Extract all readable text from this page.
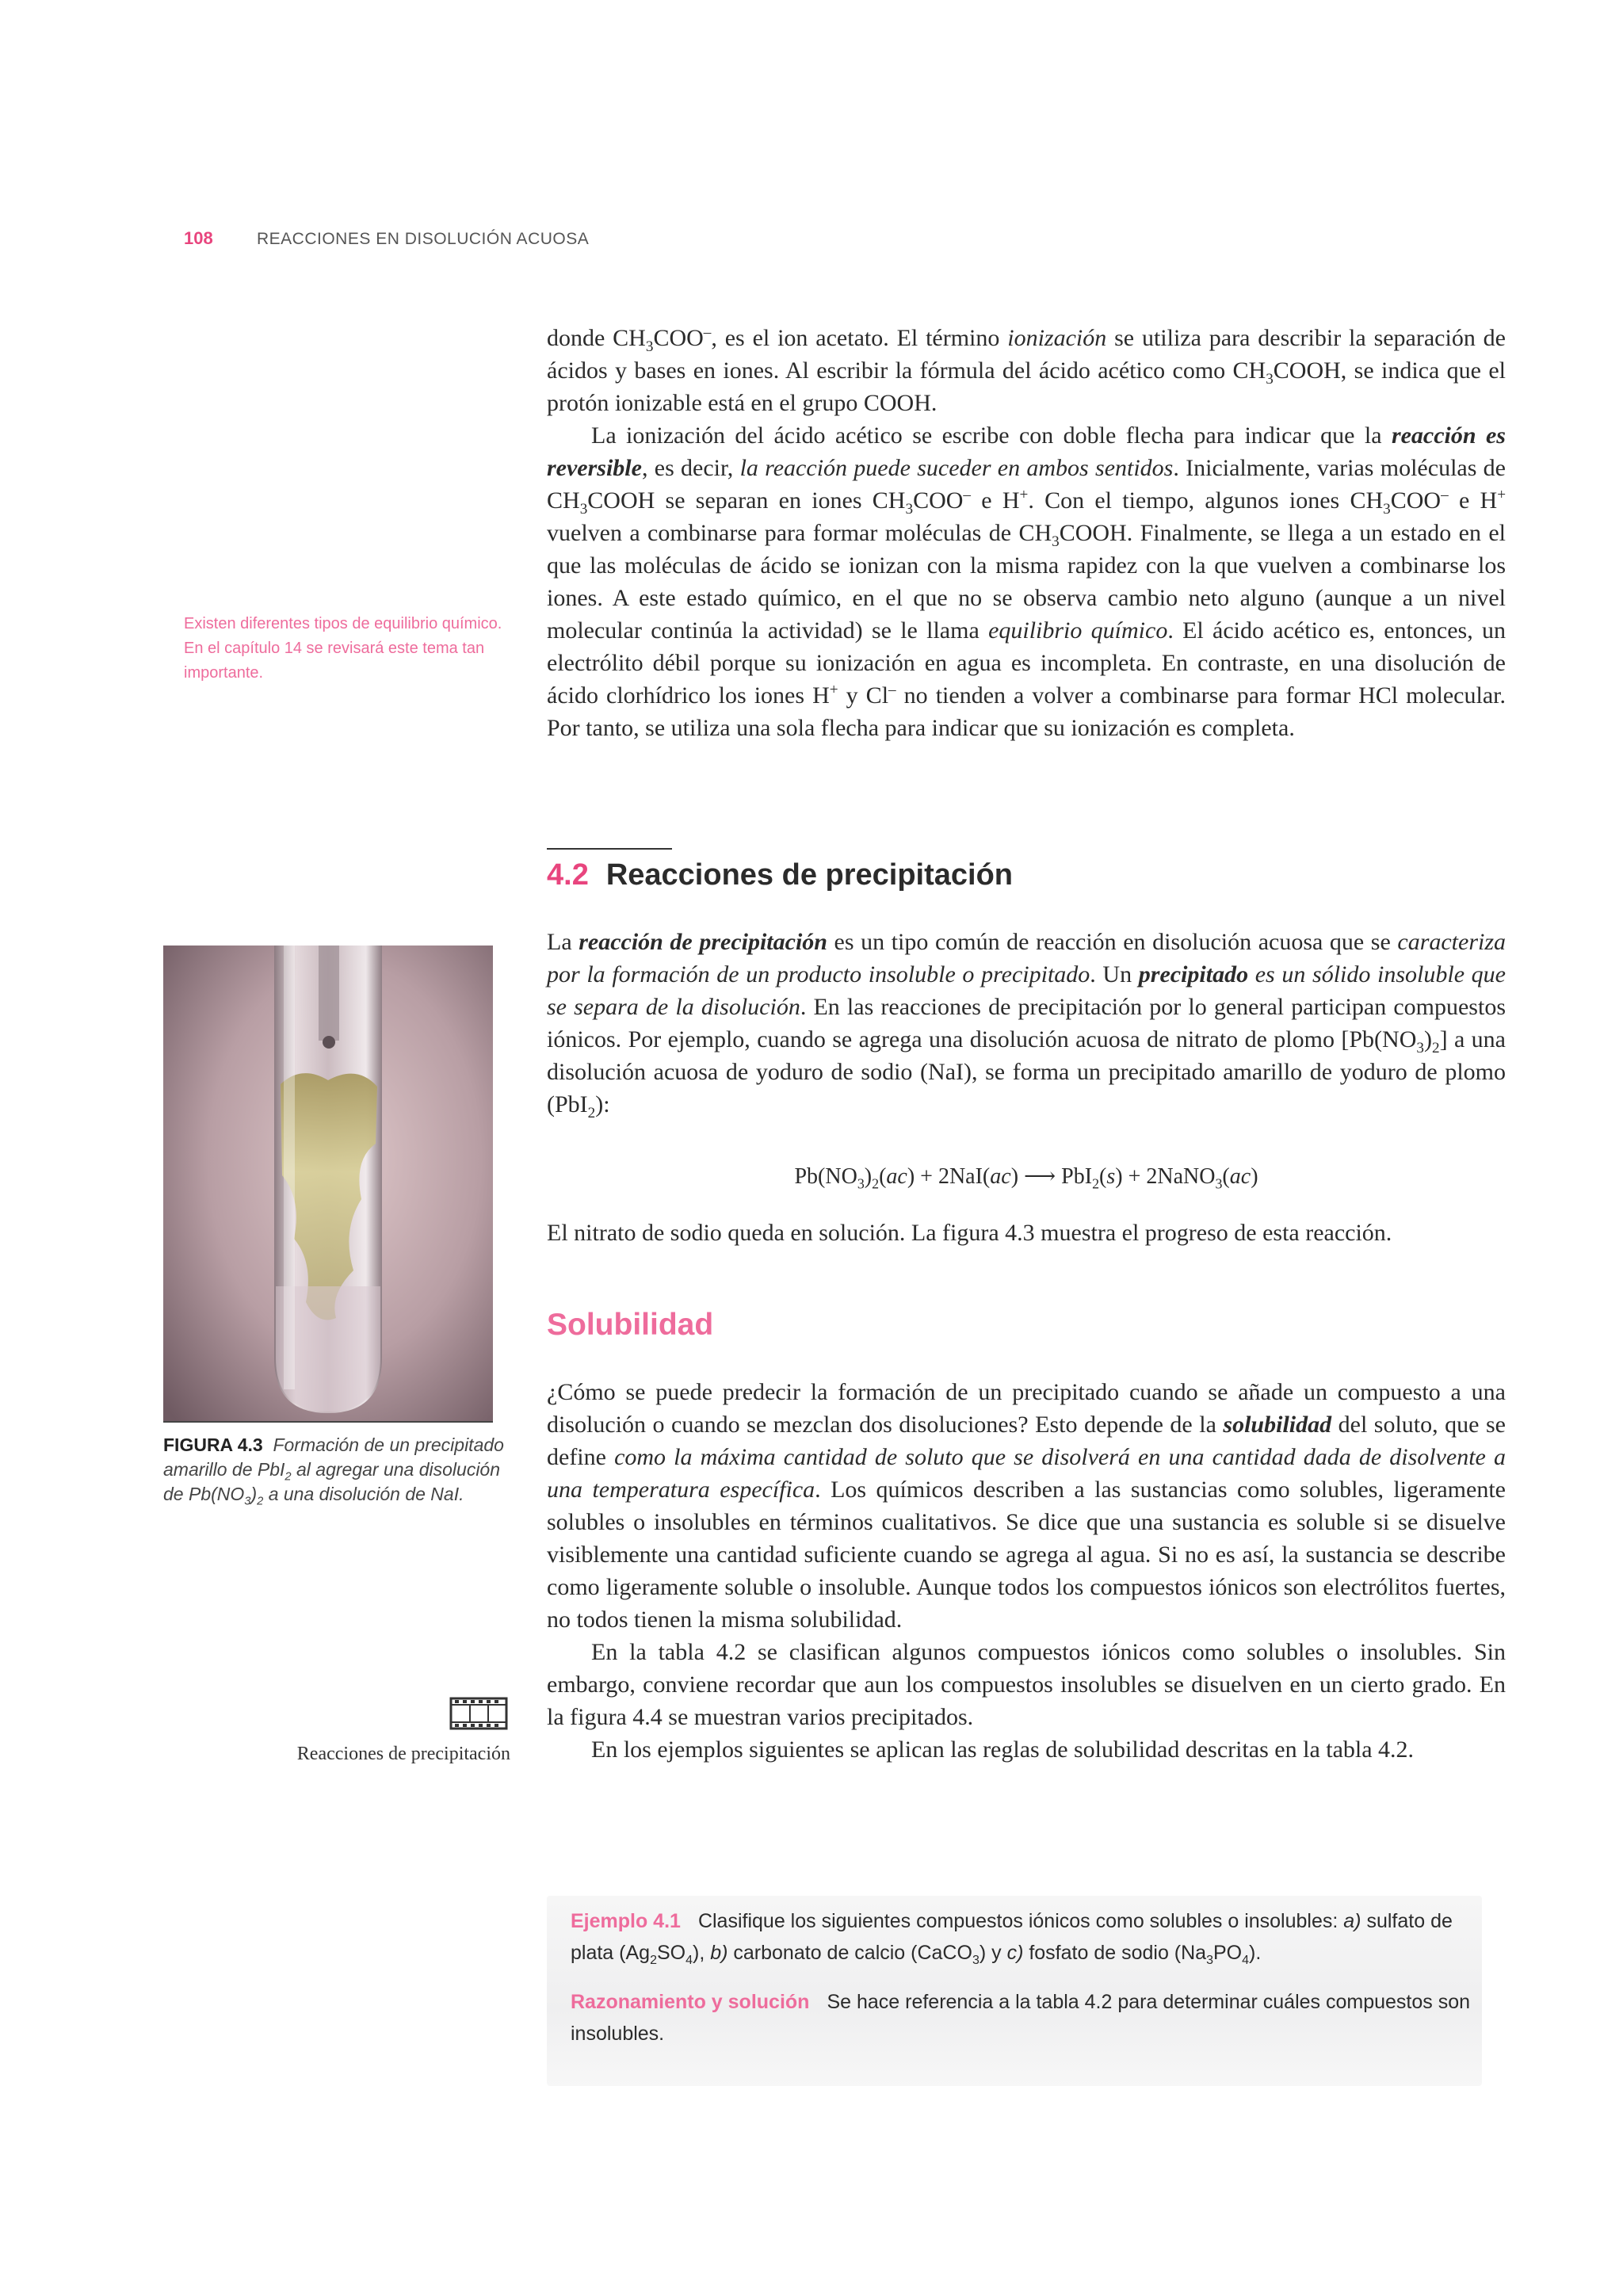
108	REACCIONES EN DISOLUCIÓN ACUOSA

donde $CH_3COO^-$, es el ion acetato. El término ionización se utiliza para describir la separación de ácidos y bases en iones. Al escribir la fórmula del ácido acético como $CH_3COOH$, se indica que el protón ionizable está en el grupo COOH.

La ionización del ácido acético se escribe con doble flecha para indicar que la reacción es reversible, es decir, la reacción puede suceder en ambos sentidos. Inicialmente, varias moléculas de $CH_3COOH$ se separan en iones $CH_3COO^-$ e H+. Con el tiempo, algunos iones $CH_3COO^-$ e H+ vuelven a combinarse para formar moléculas de $CH_3COOH$. Finalmente, se llega a un estado en el que las moléculas de ácido se ionizan con la misma rapidez con la que vuelven a combinarse los iones. A este estado químico, en el que no se observa cambio neto alguno (aunque a un nivel molecular continúa la actividad) se le llama equilibrio químico. El ácido acético es, entonces, un electrólito débil porque su ionización en agua es incompleta. En contraste, en una disolución de ácido clorhídrico los iones H+ y Cl– no tienden a volver a combinarse para formar HCl molecular. Por tanto, se utiliza una sola flecha para indicar que su ionización es completa.

Existen diferentes tipos de equilibrio químico. En el capítulo 14 se revisará este tema tan importante.
4.2 Reacciones de precipitación

La reacción de precipitación es un tipo común de reacción en disolución acuosa que se caracteriza por la formación de un producto insoluble o precipitado. Un precipitado es un sólido insoluble que se separa de la disolución. En las reacciones de precipitación por lo general participan compuestos iónicos. Por ejemplo, cuando se agrega una disolución acuosa de nitrato de plomo $[Pb(NO_3)_2]$ a una disolución acuosa de yoduro de sodio (NaI), se forma un precipitado amarillo de yoduro de plomo (PbI$_2$):

$Pb(NO_3)_2(ac) + 2NaI(ac)$ ⟶ PbI$_2$(s) + 2NaNO$_3$(ac)

El nitrato de sodio queda en solución. La figura 4.3 muestra el progreso de esta reacción.

FIGURA 4.3 Formación de un precipitado amarillo de PbI$_2$ al agregar una disolución de $Pb(NO_3)_2$ a una disolución de NaI.
Solubilidad

¿Cómo se puede predecir la formación de un precipitado cuando se añade un compuesto a una disolución o cuando se mezclan dos disoluciones? Esto depende de la solubilidad del soluto, que se define como la máxima cantidad de soluto que se disolverá en una cantidad dada de disolvente a una temperatura específica. Los químicos describen a las sustancias como solubles, ligeramente solubles o insolubles en términos cualitativos. Se dice que una sustancia es soluble si se disuelve visiblemente una cantidad suficiente cuando se agrega al agua. Si no es así, la sustancia se describe como ligeramente soluble o insoluble. Aunque todos los compuestos iónicos son electrólitos fuertes, no todos tienen la misma solubilidad.

En la tabla 4.2 se clasifican algunos compuestos iónicos como solubles o insolubles. Sin embargo, conviene recordar que aun los compuestos insolubles se disuelven en un cierto grado. En la figura 4.4 se muestran varios precipitados.

En los ejemplos siguientes se aplican las reglas de solubilidad descritas en la tabla 4.2.

Reacciones de precipitación
Ejemplo 4.1 Clasifique los siguientes compuestos iónicos como solubles o insolubles: a) sulfato de plata $(Ag_2SO_4)$, b) carbonato de calcio (CaCO$_3$) y c) fosfato de sodio $(Na_3PO_4)$.
Razonamiento y solución Se hace referencia a la tabla 4.2 para determinar cuáles compuestos son insolubles.
